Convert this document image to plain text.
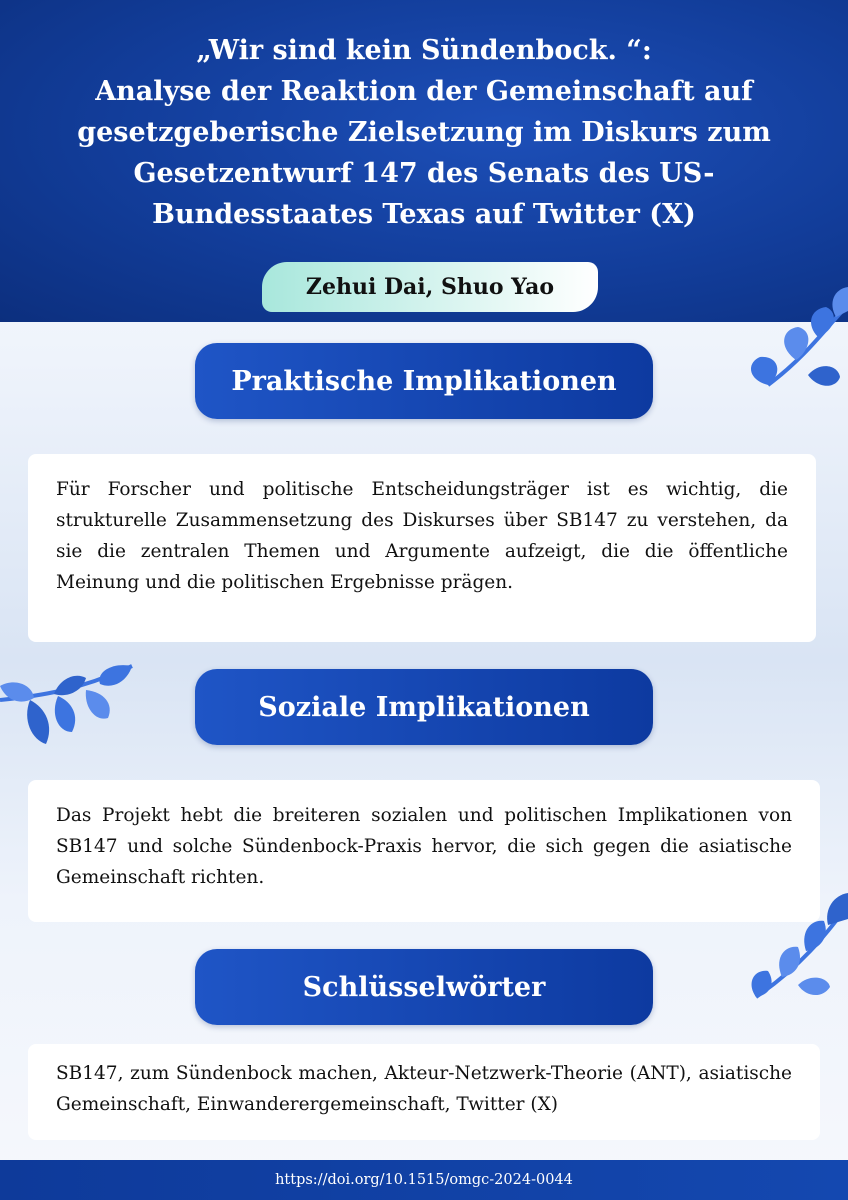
„Wir sind kein Sündenbock. “:
Analyse der Reaktion der Gemeinschaft auf
gesetzgeberische Zielsetzung im Diskurs zum
Gesetzentwurf 147 des Senats des US-
Bundesstaates Texas auf Twitter (X)
Zehui Dai, Shuo Yao
Praktische Implikationen
Für Forscher und politische Entscheidungsträger ist es wichtig, die strukturelle Zusammensetzung des Diskurses über SB147 zu verstehen, da sie die zentralen Themen und Argumente aufzeigt, die die öffentliche Meinung und die politischen Ergebnisse prägen.
Soziale Implikationen
Das Projekt hebt die breiteren sozialen und politischen Implikationen von SB147 und solche Sündenbock-Praxis hervor, die sich gegen die asiatische Gemeinschaft richten.
Schlüsselwörter
SB147, zum Sündenbock machen, Akteur-Netzwerk-Theorie (ANT), asiatische Gemeinschaft, Einwanderergemeinschaft, Twitter (X)
https://doi.org/10.1515/omgc-2024-0044
